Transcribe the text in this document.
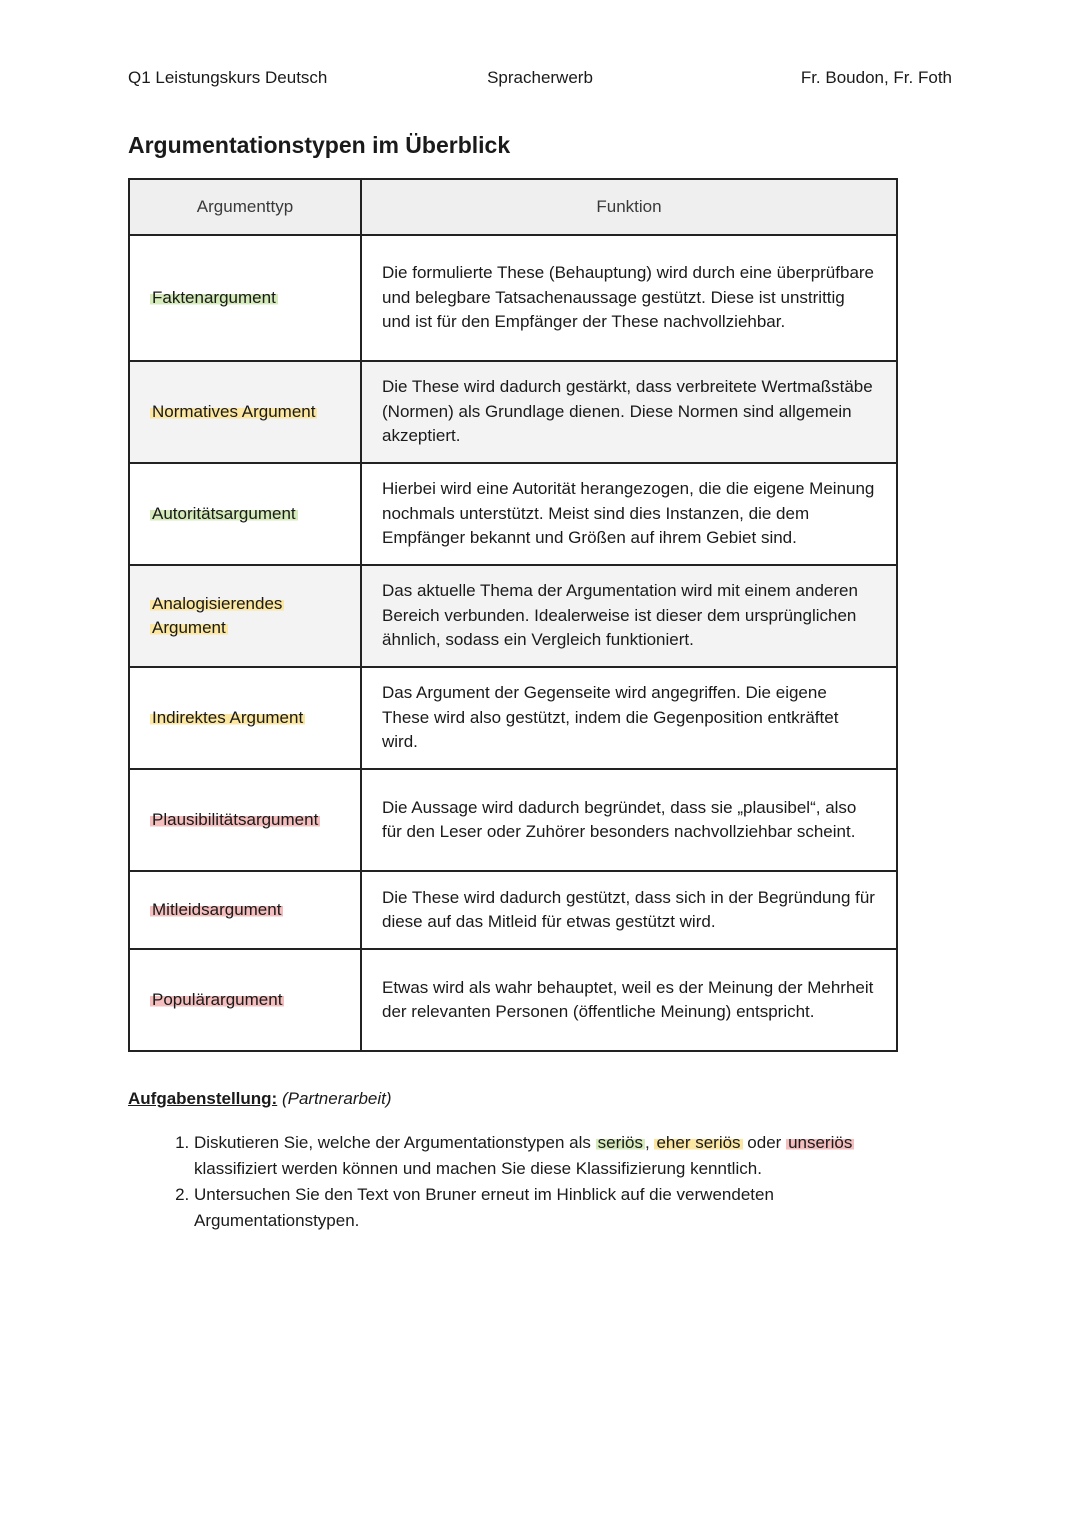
Q1 Leistungskurs Deutsch	Spracherwerb	Fr. Boudon, Fr. Foth
Argumentationstypen im Überblick
Argumenttyp	Funktion
Faktenargument	Die formulierte These (Behauptung) wird durch eine überprüfbare und belegbare Tatsachenaussage gestützt. Diese ist unstrittig und ist für den Empfänger der These nachvollziehbar.
Normatives Argument	Die These wird dadurch gestärkt, dass verbreitete Wertmaßstäbe (Normen) als Grundlage dienen. Diese Normen sind allgemein akzeptiert.
Autoritätsargument	Hierbei wird eine Autorität herangezogen, die die eigene Meinung nochmals unterstützt. Meist sind dies Instanzen, die dem Empfänger bekannt und Größen auf ihrem Gebiet sind.
Analogisierendes Argument	Das aktuelle Thema der Argumentation wird mit einem anderen Bereich verbunden. Idealerweise ist dieser dem ursprünglichen ähnlich, sodass ein Vergleich funktioniert.
Indirektes Argument	Das Argument der Gegenseite wird angegriffen. Die eigene These wird also gestützt, indem die Gegenposition entkräftet wird.
Plausibilitätsargument	Die Aussage wird dadurch begründet, dass sie „plausibel“, also für den Leser oder Zuhörer besonders nachvollziehbar scheint.
Mitleidsargument	Die These wird dadurch gestützt, dass sich in der Begründung für diese auf das Mitleid für etwas gestützt wird.
Populärargument	Etwas wird als wahr behauptet, weil es der Meinung der Mehrheit der relevanten Personen (öffentliche Meinung) entspricht.

Aufgabenstellung: (Partnerarbeit)

1. Diskutieren Sie, welche der Argumentationstypen als seriös , eher seriös oder unseriös klassifiziert werden können und machen Sie diese Klassifizierung kenntlich.
2. Untersuchen Sie den Text von Bruner erneut im Hinblick auf die verwendeten Argumentationstypen.
